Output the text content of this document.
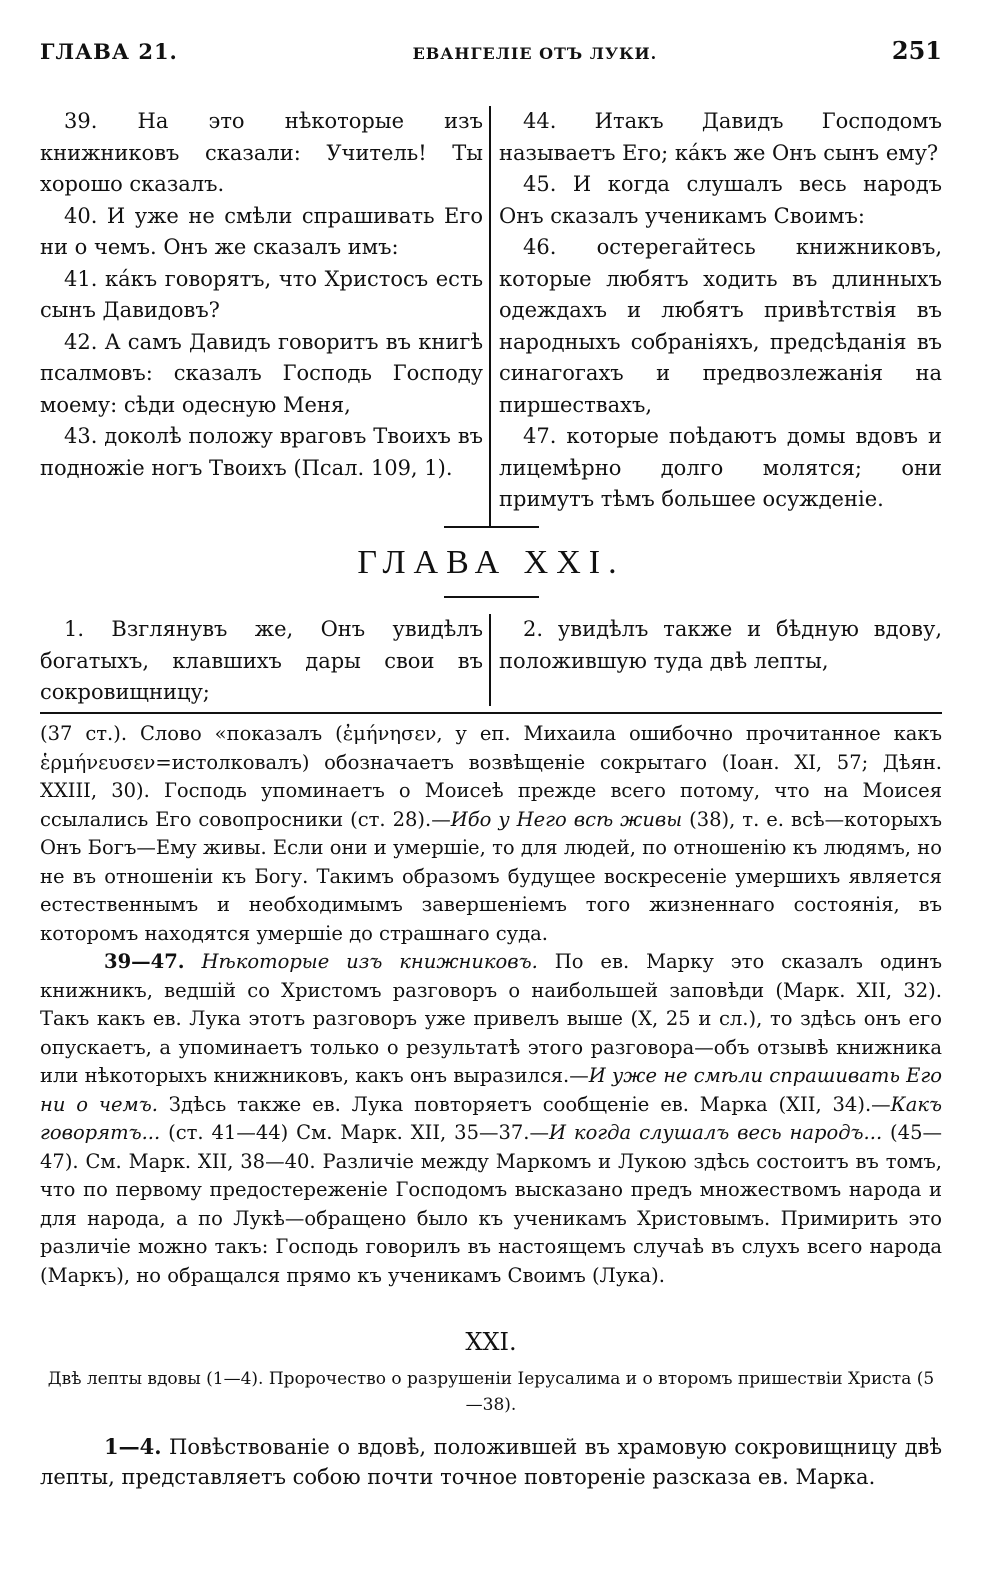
ГЛАВА 21.	ЕВАНГЕЛІЕ ОТЪ ЛУКИ.	251

39. На это нѣкоторые изъ книжниковъ сказали: Учитель! Ты хорошо сказалъ.

40. И уже не смѣли спрашивать Его ни о чемъ. Онъ же сказалъ имъ:

41. кáкъ говорятъ, что Христосъ есть сынъ Давидовъ?

42. А самъ Давидъ говоритъ въ книгѣ псалмовъ: сказалъ Господь Господу моему: сѣди одесную Меня,

43. доколѣ положу враговъ Твоихъ въ подножіе ногъ Твоихъ (Псал. 109, 1).

44. Итакъ Давидъ Господомъ называетъ Его; кáкъ же Онъ сынъ ему?

45. И когда слушалъ весь народъ Онъ сказалъ ученикамъ Своимъ:

46. остерегайтесь книжниковъ, которые любятъ ходить въ длинныхъ одеждахъ и любятъ привѣтствія въ народныхъ собраніяхъ, предсѣданія въ синагогахъ и предвозлежанія на пиршествахъ,

47. которые поѣдаютъ домы вдовъ и лицемѣрно долго молятся; они примутъ тѣмъ большее осужденіе.

ГЛАВА XXI.

1. Взглянувъ же, Онъ увидѣлъ богатыхъ, клавшихъ дары свои въ сокровищницу;

2. увидѣлъ также и бѣдную вдову, положившую туда двѣ лепты,

(37 ст.). Слово «показалъ (ἐμήνησεν, у еп. Михаила ошибочно прочитанное какъ ἑρμήνευσεν=истолковалъ) обозначаетъ возвѣщеніе сокрытаго (Іоан. XI, 57; Дѣян. XXIII, 30). Господь упоминаетъ о Моисеѣ прежде всего потому, что на Моисея ссылались Его совопросники (ст. 28).—Ибо у Него всѣ живы (38), т. е. всѣ—которыхъ Онъ Богъ—Ему живы. Если они и умершіе, то для людей, по отношенію къ людямъ, но не въ отношеніи къ Богу. Такимъ образомъ будущее воскресеніе умершихъ является естественнымъ и необходимымъ завершеніемъ того жизненнаго состоянія, въ которомъ находятся умершіе до страшнаго суда.

39—47. Нѣкоторые изъ книжниковъ. По ев. Марку это сказалъ одинъ книжникъ, ведшій со Христомъ разговоръ о наибольшей заповѣди (Марк. XII, 32). Такъ какъ ев. Лука этотъ разговоръ уже привелъ выше (X, 25 и сл.), то здѣсь онъ его опускаетъ, а упоминаетъ только о результатѣ этого разговора—объ отзывѣ книжника или нѣкоторыхъ книжниковъ, какъ онъ выразился.—И уже не смѣли спрашивать Его ни о чемъ. Здѣсь также ев. Лука повторяетъ сообщеніе ев. Марка (XII, 34).—Какъ говорятъ... (ст. 41—44) См. Марк. XII, 35—37.—И когда слушалъ весь народъ... (45—47). См. Марк. XII, 38—40. Различіе между Маркомъ и Лукою здѣсь состоитъ въ томъ, что по первому предостереженіе Господомъ высказано предъ множествомъ народа и для народа, а по Лукѣ—обращено было къ ученикамъ Христовымъ. Примирить это различіе можно такъ: Господь говорилъ въ настоящемъ случаѣ въ слухъ всего народа (Маркъ), но обращался прямо къ ученикамъ Своимъ (Лука).

XXI.
Двѣ лепты вдовы (1—4). Пророчество о разрушеніи Іерусалима и о второмъ пришествіи Христа (5—38).

1—4. Повѣствованіе о вдовѣ, положившей въ храмовую сокровищницу двѣ лепты, представляетъ собою почти точное повтореніе разсказа ев. Марка.
